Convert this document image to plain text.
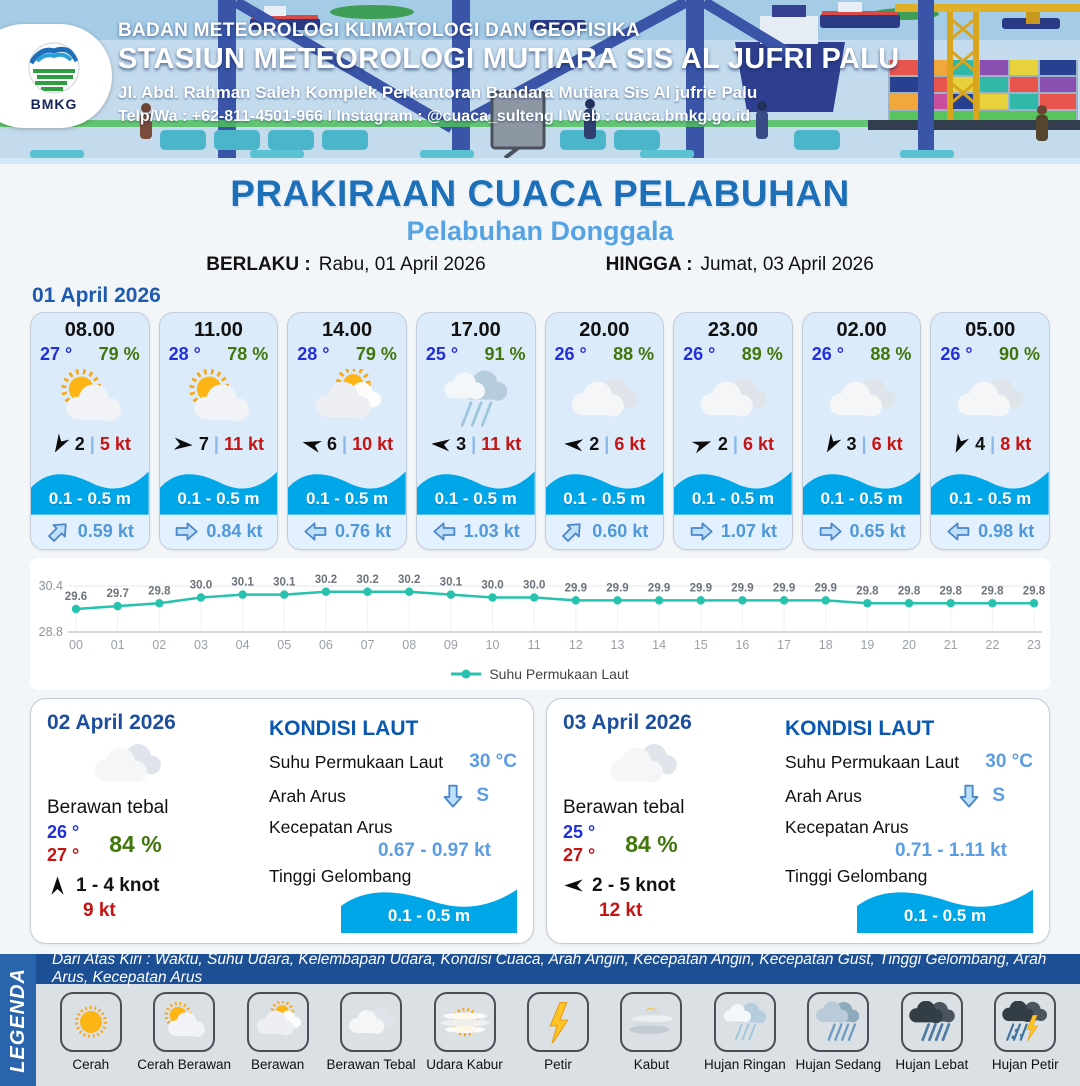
BMKG
BADAN METEOROLOGI KLIMATOLOGI DAN GEOFISIKA
STASIUN METEOROLOGI MUTIARA SIS AL JUFRI PALU
Jl. Abd. Rahman Saleh Komplek Perkantoran Bandara Mutiara Sis Al jufrie Palu
Telp/Wa : +62-811-4501-966 I Instagram : @cuaca_sulteng I Web : cuaca.bmkg.go.id
PRAKIRAAN CUACA PELABUHAN
Pelabuhan Donggala
BERLAKU : Rabu, 01 April 2026	HINGGA : Jumat, 03 April 2026
01 April 2026
08.00
27 ° 79 %
2 | 5 kt
0.1 - 0.5 m
0.59 kt
11.00
28 ° 78 %
7 | 11 kt
0.1 - 0.5 m
0.84 kt
14.00
28 ° 79 %
6 | 10 kt
0.1 - 0.5 m
0.76 kt
17.00
25 ° 91 %
3 | 11 kt
0.1 - 0.5 m
1.03 kt
20.00
26 ° 88 %
2 | 6 kt
0.1 - 0.5 m
0.60 kt
23.00
26 ° 89 %
2 | 6 kt
0.1 - 0.5 m
1.07 kt
02.00
26 ° 88 %
3 | 6 kt
0.1 - 0.5 m
0.65 kt
05.00
26 ° 90 %
4 | 8 kt
0.1 - 0.5 m
0.98 kt
30.4
28.8
29.6
00
29.7
01
29.8
02
30.0
03
30.1
04
30.1
05
30.2
06
30.2
07
30.2
08
30.1
09
30.0
10
30.0
11
29.9
12
29.9
13
29.9
14
29.9
15
29.9
16
29.9
17
29.9
18
29.8
19
29.8
20
29.8
21
29.8
22
29.8
23
Suhu Permukaan Laut
02 April 2026
Berawan tebal
26 °
27 ° 84 %
1 - 4 knot
9 kt
KONDISI LAUT
Suhu Permukaan Laut 30 °C
Arah Arus	S
Kecepatan Arus
0.67 - 0.97 kt
Tinggi Gelombang
0.1 - 0.5 m
03 April 2026
Berawan tebal
25 °
27 ° 84 %
2 - 5 knot
12 kt
KONDISI LAUT
Suhu Permukaan Laut 30 °C
Arah Arus	S
Kecepatan Arus
0.71 - 1.11 kt
Tinggi Gelombang
0.1 - 0.5 m
LEGENDA
Dari Atas Kiri : Waktu, Suhu Udara, Kelembapan Udara, Kondisi Cuaca, Arah Angin, Kecepatan Angin, Kecepatan Gust, Tinggi Gelombang, Arah Arus, Kecepatan Arus
Cerah Cerah Berawan Berawan Berawan Tebal Udara Kabur	Petir	Kabut	Hujan Ringan Hujan Sedang Hujan Lebat Hujan Petir
